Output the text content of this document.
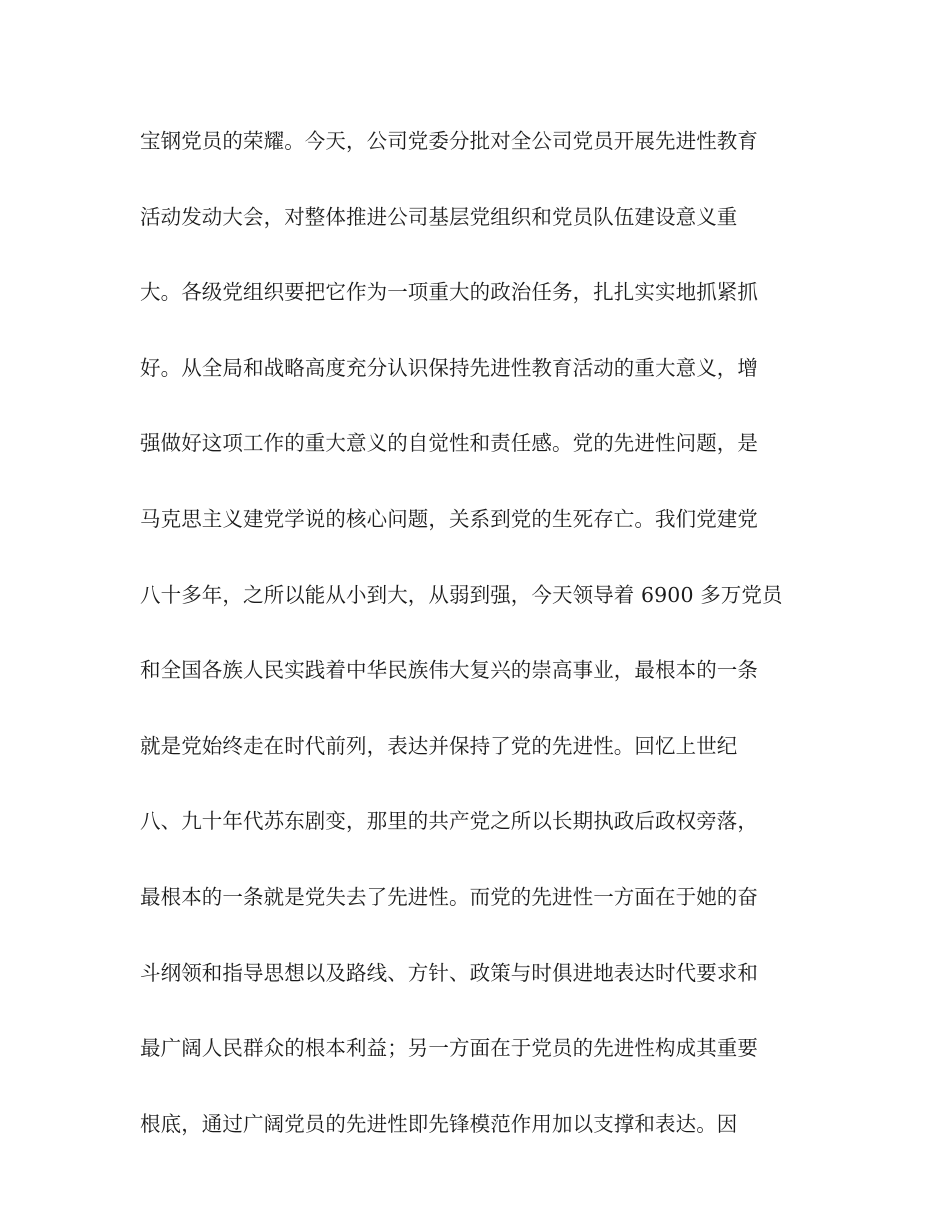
宝钢党员的荣耀。今天，公司党委分批对全公司党员开展先进性教育
活动发动大会，对整体推进公司基层党组织和党员队伍建设意义重
大。各级党组织要把它作为一项重大的政治任务，扎扎实实地抓紧抓
好。从全局和战略高度充分认识保持先进性教育活动的重大意义，增
强做好这项工作的重大意义的自觉性和责任感。党的先进性问题，是
马克思主义建党学说的核心问题，关系到党的生死存亡。我们党建党
八十多年，之所以能从小到大，从弱到强，今天领导着 6900 多万党员
和全国各族人民实践着中华民族伟大复兴的崇高事业，最根本的一条
就是党始终走在时代前列，表达并保持了党的先进性。回忆上世纪
八、九十年代苏东剧变，那里的共产党之所以长期执政后政权旁落，
最根本的一条就是党失去了先进性。而党的先进性一方面在于她的奋
斗纲领和指导思想以及路线、方针、政策与时俱进地表达时代要求和
最广阔人民群众的根本利益；另一方面在于党员的先进性构成其重要
根底，通过广阔党员的先进性即先锋模范作用加以支撑和表达。因
